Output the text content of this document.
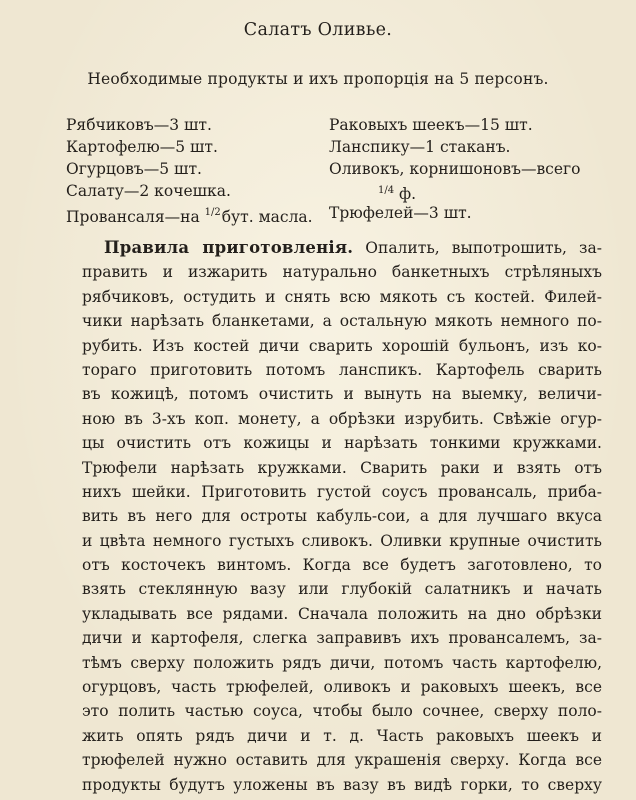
Салатъ Оливье.
Необходимые продукты и ихъ пропорція на 5 персонъ.
Рябчиковъ—3 шт.
Картофелю—5 шт.
Огурцовъ—5 шт.
Салату—2 кочешка.
Провансаля—на $^{1/2}$бут. масла.
Раковыхъ шеекъ—15 шт.
Ланспику—1 стаканъ.
Оливокъ, корнишоновъ—всего
$^{1/4}$ ф.
Трюфелей—3 шт.
Правила приготовленія. Опалить, выпотрошить, за-
править и изжарить натурально банкетныхъ стрѣляныхъ
рябчиковъ, остудить и снять всю мякоть съ костей. Филей-
чики нарѣзать бланкетами, а остальную мякоть немного по-
рубить. Изъ костей дичи сварить хорошій бульонъ, изъ ко-
тораго приготовить потомъ ланспикъ. Картофель сварить
въ кожицѣ, потомъ очистить и вынуть на выемку, величи-
ною въ 3-хъ коп. монету, а обрѣзки изрубить. Свѣжіе огур-
цы очистить отъ кожицы и нарѣзать тонкими кружками.
Трюфели нарѣзать кружками. Сварить раки и взять отъ
нихъ шейки. Приготовить густой соусъ провансаль, приба-
вить въ него для остроты кабуль-сои, а для лучшаго вкуса
и цвѣта немного густыхъ сливокъ. Оливки крупные очистить
отъ косточекъ винтомъ. Когда все будетъ заготовлено, то
взять стеклянную вазу или глубокій салатникъ и начать
укладывать все рядами. Сначала положить на дно обрѣзки
дичи и картофеля, слегка заправивъ ихъ провансалемъ, за-
тѣмъ сверху положить рядъ дичи, потомъ часть картофелю,
огурцовъ, часть трюфелей, оливокъ и раковыхъ шеекъ, все
это полить частью соуса, чтобы было сочнее, сверху поло-
жить опять рядъ дичи и т. д. Часть раковыхъ шеекъ и
трюфелей нужно оставить для украшенія сверху. Когда все
продукты будутъ уложены въ вазу въ видѣ горки, то сверху
